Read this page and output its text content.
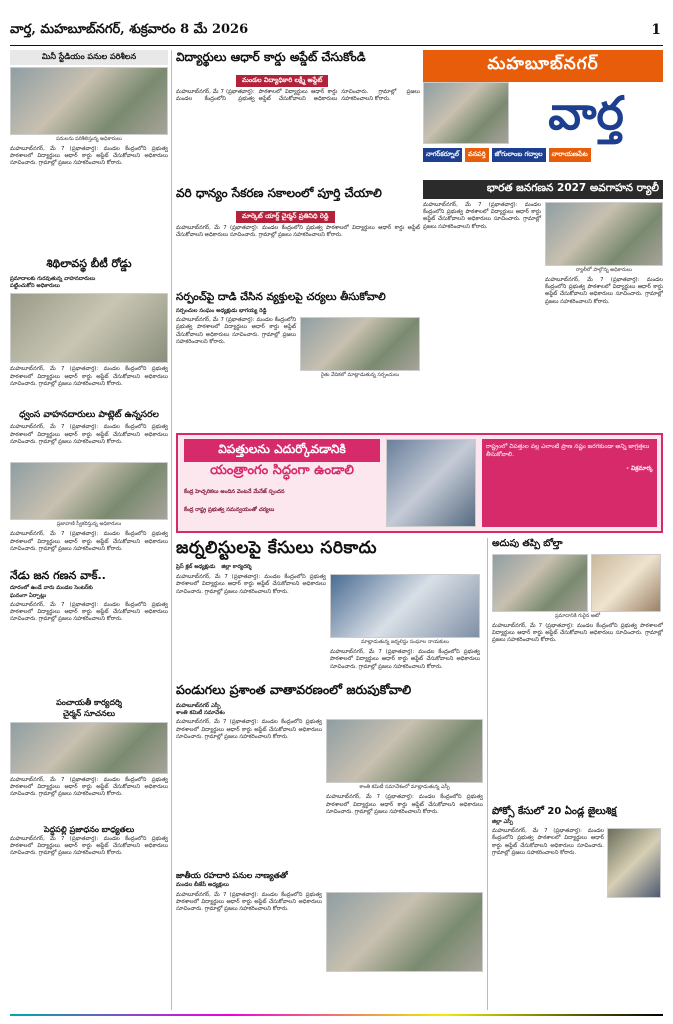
వార్త, మహబూబ్‌నగర్, శుక్రవారం 8 మే 2026	1
మినీ స్టేడియం పనుల పరిశీలన
పనులను పరిశీలిస్తున్న అధికారులు
మహబూబ్‌నగర్, మే 7 (ప్రభాతవార్త): మండల కేంద్రంలోని ప్రభుత్వ పాఠశాలలో విద్యార్థులు ఆధార్ కార్డు అప్డేట్ చేసుకోవాలని అధికారులు సూచించారు. గ్రామాల్లో ప్రజలు సహకరించాలని కోరారు.
శిథిలావస్థ బీటీ రోడ్డు
ప్రమాదాలకు గురవుతున్న వాహనదారులు
పట్టించుకోని అధికారులు
మహబూబ్‌నగర్, మే 7 (ప్రభాతవార్త): మండల కేంద్రంలోని ప్రభుత్వ పాఠశాలలో విద్యార్థులు ఆధార్ కార్డు అప్డేట్ చేసుకోవాలని అధికారులు సూచించారు. గ్రామాల్లో ప్రజలు సహకరించాలని కోరారు.
ధ్వంస వాహనదారులు పాట్లెట్ ఉన్నసరల
మహబూబ్‌నగర్, మే 7 (ప్రభాతవార్త): మండల కేంద్రంలోని ప్రభుత్వ పాఠశాలలో విద్యార్థులు ఆధార్ కార్డు అప్డేట్ చేసుకోవాలని అధికారులు సూచించారు. గ్రామాల్లో ప్రజలు సహకరించాలని కోరారు.
ప్రజావాణి స్వీకరిస్తున్న అధికారులు
మహబూబ్‌నగర్, మే 7 (ప్రభాతవార్త): మండల కేంద్రంలోని ప్రభుత్వ పాఠశాలలో విద్యార్థులు ఆధార్ కార్డు అప్డేట్ చేసుకోవాలని అధికారులు సూచించారు. గ్రామాల్లో ప్రజలు సహకరించాలని కోరారు.
నేడు జన గణన వాక్..
దూరంలో ఉండే వారు మండల సెంటర్‌కు
ఘనంగా ఏర్పాట్లు
మహబూబ్‌నగర్, మే 7 (ప్రభాతవార్త): మండల కేంద్రంలోని ప్రభుత్వ పాఠశాలలో విద్యార్థులు ఆధార్ కార్డు అప్డేట్ చేసుకోవాలని అధికారులు సూచించారు. గ్రామాల్లో ప్రజలు సహకరించాలని కోరారు.
పంచాయతీ కార్యదర్శి
చైర్మన్ సూచనలు
మహబూబ్‌నగర్, మే 7 (ప్రభాతవార్త): మండల కేంద్రంలోని ప్రభుత్వ పాఠశాలలో విద్యార్థులు ఆధార్ కార్డు అప్డేట్ చేసుకోవాలని అధికారులు సూచించారు. గ్రామాల్లో ప్రజలు సహకరించాలని కోరారు.
పెద్దపల్లి ప్రజాధనం బాధ్యతలు
మహబూబ్‌నగర్, మే 7 (ప్రభాతవార్త): మండల కేంద్రంలోని ప్రభుత్వ పాఠశాలలో విద్యార్థులు ఆధార్ కార్డు అప్డేట్ చేసుకోవాలని అధికారులు సూచించారు. గ్రామాల్లో ప్రజలు సహకరించాలని కోరారు.
విద్యార్థులు ఆధార్ కార్డు అప్డేట్ చేసుకోండి
మండల విద్యాధికారి లక్ష్మీ అప్డేట్
మహబూబ్‌నగర్, మే 7 (ప్రభాతవార్త): మండల కేంద్రంలోని ప్రభుత్వ పాఠశాలలో విద్యార్థులు ఆధార్ కార్డు అప్డేట్ చేసుకోవాలని అధికారులు సూచించారు. గ్రామాల్లో ప్రజలు సహకరించాలని కోరారు.
వరి ధాన్యం సేకరణ సకాలంలో పూర్తి చేయాలి
మార్కెట్ యార్డ్ చైర్మన్ ప్రతినిధి రెడ్డి
మహబూబ్‌నగర్, మే 7 (ప్రభాతవార్త): మండల కేంద్రంలోని ప్రభుత్వ పాఠశాలలో విద్యార్థులు ఆధార్ కార్డు అప్డేట్ చేసుకోవాలని అధికారులు సూచించారు. గ్రామాల్లో ప్రజలు సహకరించాలని కోరారు.
సర్పంచ్‌పై దాడి చేసిన వ్యక్తులపై చర్యలు తీసుకోవాలి
సర్పంచుల సంఘం అధ్యక్షుడు భాగయ్య రెడ్డి
మహబూబ్‌నగర్, మే 7 (ప్రభాతవార్త): మండల కేంద్రంలోని ప్రభుత్వ పాఠశాలలో విద్యార్థులు ఆధార్ కార్డు అప్డేట్ చేసుకోవాలని అధికారులు సూచించారు. గ్రామాల్లో ప్రజలు సహకరించాలని కోరారు.
రైతు వేదికలో మాట్లాడుతున్న సర్పంచులు
మహబూబ్‌నగర్
వార్త
నాగర్‌కర్నూల్	వనపర్తి	జోగులాంబ గద్వాల	నారాయణపేట
భారత జనగణన 2027 అవగాహన ర్యాలీ
మహబూబ్‌నగర్, మే 7 (ప్రభాతవార్త): మండల కేంద్రంలోని ప్రభుత్వ పాఠశాలలో విద్యార్థులు ఆధార్ కార్డు అప్డేట్ చేసుకోవాలని అధికారులు సూచించారు. గ్రామాల్లో ప్రజలు సహకరించాలని కోరారు.
ర్యాలీలో పాల్గొన్న అధికారులు
మహబూబ్‌నగర్, మే 7 (ప్రభాతవార్త): మండల కేంద్రంలోని ప్రభుత్వ పాఠశాలలో విద్యార్థులు ఆధార్ కార్డు అప్డేట్ చేసుకోవాలని అధికారులు సూచించారు. గ్రామాల్లో ప్రజలు సహకరించాలని కోరారు.
విపత్తులను ఎదుర్కోవడానికి
యంత్రాంగం సిద్ధంగా ఉండాలి
కేంద్ర హెచ్చరికలు అందిన వెంటనే మేనేజ్ స్పందన
కేంద్ర రాష్ట్ర ప్రభుత్వ సమన్వయంతో చర్యలు
రాష్ట్రంలో విపత్తుల వల్ల ఎలాంటి ప్రాణ నష్టం జరగకుండా అన్ని జాగ్రత్తలు తీసుకోవాలి.
- విక్రమార్క
జర్నలిస్టులపై కేసులు సరికాదు
ప్రెస్ క్లబ్ అధ్యక్షుడు జిల్లా కార్యదర్శి
మహబూబ్‌నగర్, మే 7 (ప్రభాతవార్త): మండల కేంద్రంలోని ప్రభుత్వ పాఠశాలలో విద్యార్థులు ఆధార్ కార్డు అప్డేట్ చేసుకోవాలని అధికారులు సూచించారు. గ్రామాల్లో ప్రజలు సహకరించాలని కోరారు.
మాట్లాడుతున్న జర్నలిస్టు సంఘాల నాయకులు
మహబూబ్‌నగర్, మే 7 (ప్రభాతవార్త): మండల కేంద్రంలోని ప్రభుత్వ పాఠశాలలో విద్యార్థులు ఆధార్ కార్డు అప్డేట్ చేసుకోవాలని అధికారులు సూచించారు. గ్రామాల్లో ప్రజలు సహకరించాలని కోరారు.
పండుగలు ప్రశాంత వాతావరణంలో జరుపుకోవాలి
మహబూబ్‌నగర్ ఎస్పీ
శాంతి కమిటీ సమావేశం
మహబూబ్‌నగర్, మే 7 (ప్రభాతవార్త): మండల కేంద్రంలోని ప్రభుత్వ పాఠశాలలో విద్యార్థులు ఆధార్ కార్డు అప్డేట్ చేసుకోవాలని అధికారులు సూచించారు. గ్రామాల్లో ప్రజలు సహకరించాలని కోరారు.
శాంతి కమిటీ సమావేశంలో మాట్లాడుతున్న ఎస్పీ
మహబూబ్‌నగర్, మే 7 (ప్రభాతవార్త): మండల కేంద్రంలోని ప్రభుత్వ పాఠశాలలో విద్యార్థులు ఆధార్ కార్డు అప్డేట్ చేసుకోవాలని అధికారులు సూచించారు. గ్రామాల్లో ప్రజలు సహకరించాలని కోరారు.
జాతీయ రహదారి పనుల నాణ్యతతో
మండల బీజేపీ అధ్యక్షులు
మహబూబ్‌నగర్, మే 7 (ప్రభాతవార్త): మండల కేంద్రంలోని ప్రభుత్వ పాఠశాలలో విద్యార్థులు ఆధార్ కార్డు అప్డేట్ చేసుకోవాలని అధికారులు సూచించారు. గ్రామాల్లో ప్రజలు సహకరించాలని కోరారు.
అదుపు తప్పి బోల్తా
ప్రమాదానికి గురైన ఆటో
మహబూబ్‌నగర్, మే 7 (ప్రభాతవార్త): మండల కేంద్రంలోని ప్రభుత్వ పాఠశాలలో విద్యార్థులు ఆధార్ కార్డు అప్డేట్ చేసుకోవాలని అధికారులు సూచించారు. గ్రామాల్లో ప్రజలు సహకరించాలని కోరారు.
పోక్సో కేసులో 20 ఏండ్ల జైలుశిక్ష
జిల్లా ఎస్పీ
మహబూబ్‌నగర్, మే 7 (ప్రభాతవార్త): మండల కేంద్రంలోని ప్రభుత్వ పాఠశాలలో విద్యార్థులు ఆధార్ కార్డు అప్డేట్ చేసుకోవాలని అధికారులు సూచించారు. గ్రామాల్లో ప్రజలు సహకరించాలని కోరారు.
